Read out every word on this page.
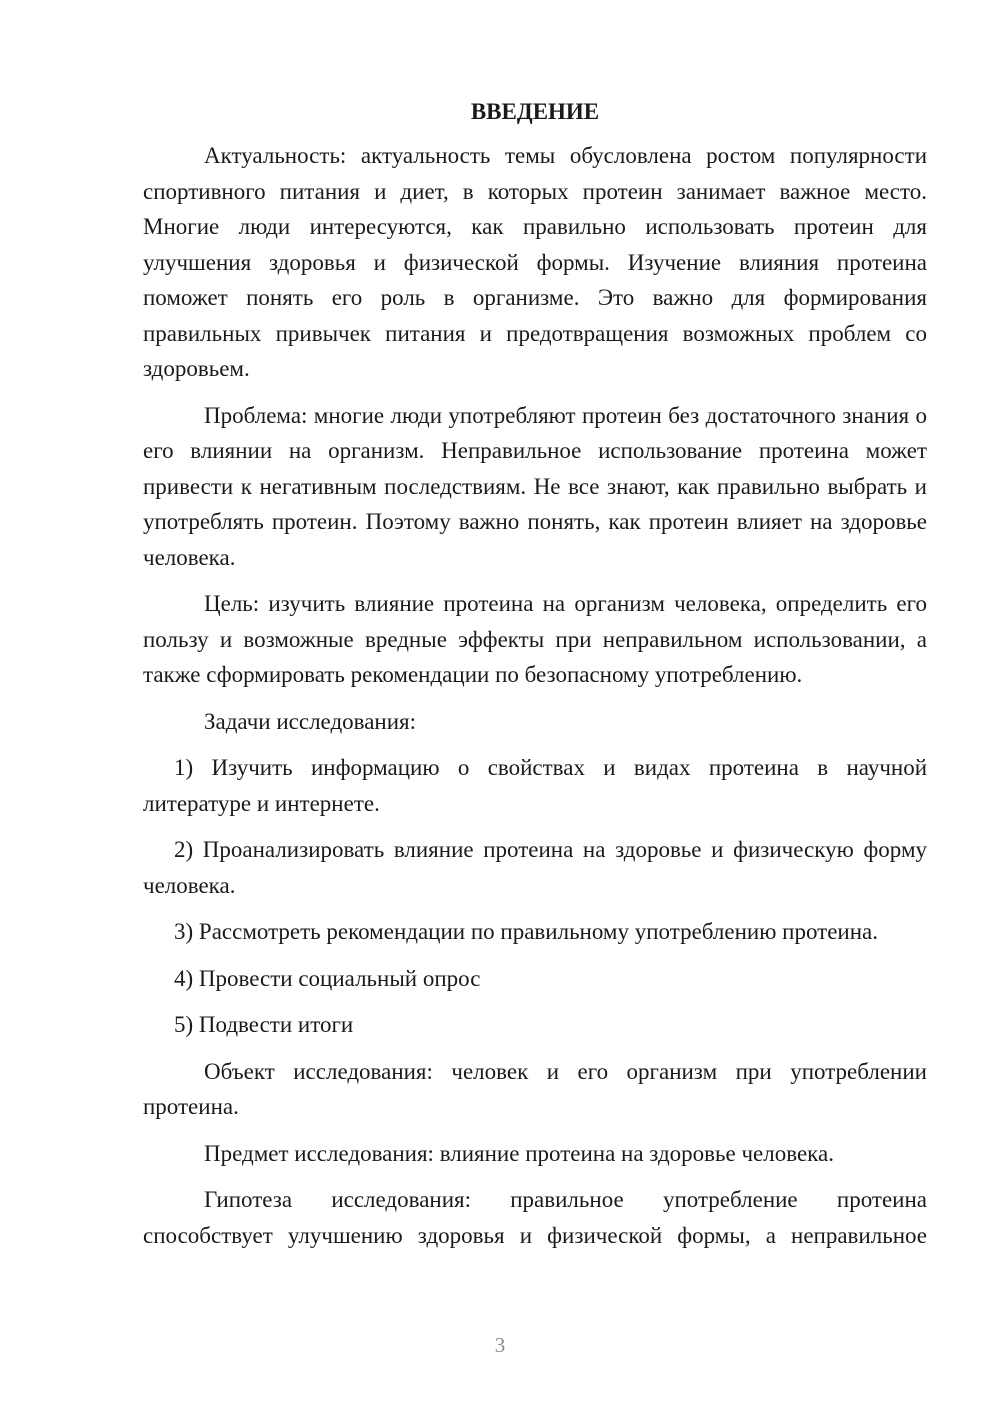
ВВЕДЕНИЕ

Актуальность: актуальность темы обусловлена ростом популярности спортивного питания и диет, в которых протеин занимает важное место. Многие люди интересуются, как правильно использовать протеин для улучшения здоровья и физической формы. Изучение влияния протеина поможет понять его роль в организме. Это важно для формирования правильных привычек питания и предотвращения возможных проблем со здоровьем.

Проблема: многие люди употребляют протеин без достаточного знания о его влиянии на организм. Неправильное использование протеина может привести к негативным последствиям. Не все знают, как правильно выбрать и употреблять протеин. Поэтому важно понять, как протеин влияет на здоровье человека.

Цель: изучить влияние протеина на организм человека, определить его пользу и возможные вредные эффекты при неправильном использовании, а также сформировать рекомендации по безопасному употреблению.

Задачи исследования:

1) Изучить информацию о свойствах и видах протеина в научной литературе и интернете.

2) Проанализировать влияние протеина на здоровье и физическую форму человека.

3) Рассмотреть рекомендации по правильному употреблению протеина.

4) Провести социальный опрос

5) Подвести итоги

Объект исследования: человек и его организм при употреблении протеина.

Предмет исследования: влияние протеина на здоровье человека.

Гипотеза исследования: правильное употребление протеина способствует улучшению здоровья и физической формы, а неправильное

3
